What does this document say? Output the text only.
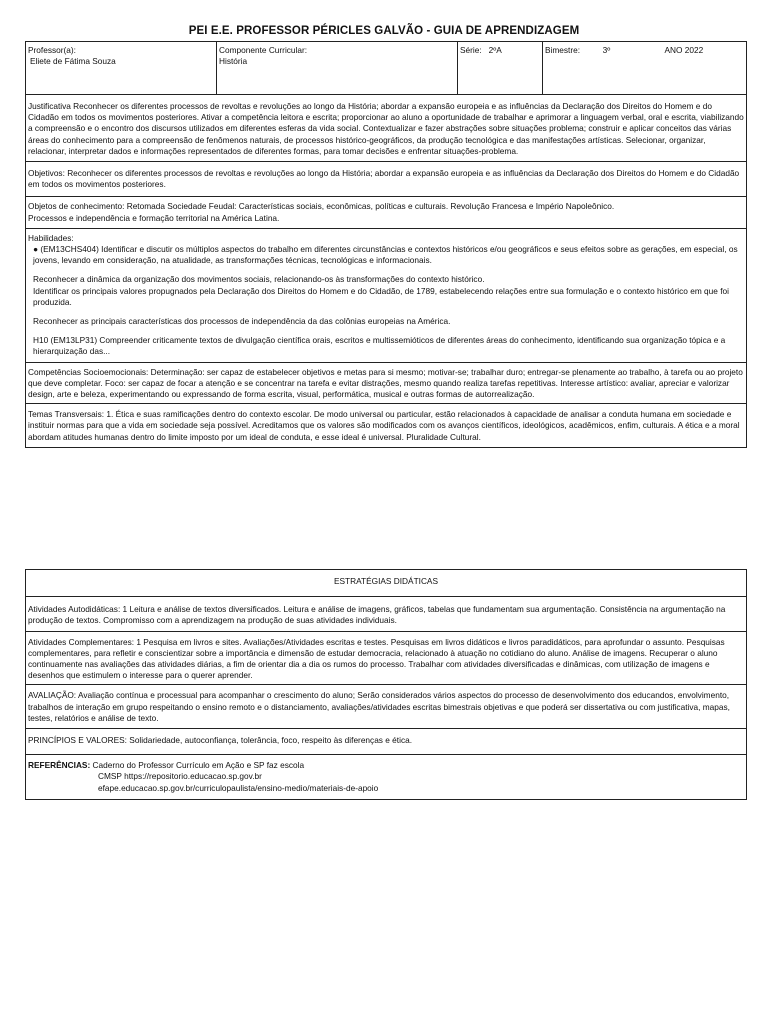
PEI E.E. PROFESSOR PÉRICLES GALVÃO - GUIA DE APRENDIZAGEM
Professor(a):
Eliete de Fátima Souza

Componente Curricular:
História
	Série: 2ºA	Bimestre:	3º	ANO 2022

Justificativa Reconhecer os diferentes processos de revoltas e revoluções ao longo da História; abordar a expansão europeia e as influências da Declaração dos Direitos do Homem e do Cidadão em todos os movimentos posteriores. Ativar a competência leitora e escrita; proporcionar ao aluno a oportunidade de trabalhar e aprimorar a linguagem verbal, oral e escrita, viabilizando a compreensão e o encontro dos discursos utilizados em diferentes esferas da vida social. Contextualizar e fazer abstrações sobre situações problema; construir e aplicar conceitos das várias áreas do conhecimento para a compreensão de fenômenos naturais, de processos histórico-geográficos, da produção tecnológica e das manifestações artísticas. Selecionar, organizar, relacionar, interpretar dados e informações representados de diferentes formas, para tomar decisões e enfrentar situações-problema.

Objetivos: Reconhecer os diferentes processos de revoltas e revoluções ao longo da História; abordar a expansão europeia e as influências da Declaração dos Direitos do Homem e do Cidadão em todos os movimentos posteriores.

Objetos de conhecimento: Retomada Sociedade Feudal: Características sociais, econômicas, políticas e culturais. Revolução Francesa e Império Napoleônico.
Processos e independência e formação territorial na América Latina.

Habilidades:
● (EM13CHS404) Identificar e discutir os múltiplos aspectos do trabalho em diferentes circunstâncias e contextos históricos e/ou geográficos e seus efeitos sobre as gerações, em especial, os jovens, levando em consideração, na atualidade, as transformações técnicas, tecnológicas e informacionais.
Reconhecer a dinâmica da organização dos movimentos sociais, relacionando-os às transformações do contexto histórico.
Identificar os principais valores propugnados pela Declaração dos Direitos do Homem e do Cidadão, de 1789, estabelecendo relações entre sua formulação e o contexto histórico em que foi produzida.
Reconhecer as principais características dos processos de independência da das colônias europeias na América.
H10 (EM13LP31) Compreender criticamente textos de divulgação científica orais, escritos e multissemióticos de diferentes áreas do conhecimento, identificando sua organização tópica e a hierarquização das...

Competências Socioemocionais: Determinação: ser capaz de estabelecer objetivos e metas para si mesmo; motivar-se; trabalhar duro; entregar-se plenamente ao trabalho, à tarefa ou ao projeto que deve completar. Foco: ser capaz de focar a atenção e se concentrar na tarefa e evitar distrações, mesmo quando realiza tarefas repetitivas. Interesse artístico: avaliar, apreciar e valorizar design, arte e beleza, experimentando ou expressando de forma escrita, visual, performática, musical e outras formas de autorrealização.

Temas Transversais: 1. Ética e suas ramificações dentro do contexto escolar. De modo universal ou particular, estão relacionados à capacidade de analisar a conduta humana em sociedade e instituir normas para que a vida em sociedade seja possível. Acreditamos que os valores são modificados com os avanços científicos, ideológicos, acadêmicos, enfim, culturais. A ética e a moral abordam atitudes humanas dentro do limite imposto por um ideal de conduta, e esse ideal é universal. Pluralidade Cultural.
ESTRATÉGIAS DIDÁTICAS

Atividades Autodidáticas: 1 Leitura e análise de textos diversificados. Leitura e análise de imagens, gráficos, tabelas que fundamentam sua argumentação. Consistência na argumentação na produção de textos. Compromisso com a aprendizagem na produção de suas atividades individuais.

Atividades Complementares: 1 Pesquisa em livros e sites. Avaliações/Atividades escritas e testes. Pesquisas em livros didáticos e livros paradidáticos, para aprofundar o assunto. Pesquisas complementares, para refletir e conscientizar sobre a importância e dimensão de estudar democracia, relacionado à atuação no cotidiano do aluno. Análise de imagens. Recuperar o aluno continuamente nas avaliações das atividades diárias, a fim de orientar dia a dia os rumos do processo. Trabalhar com atividades diversificadas e dinâmicas, com utilização de imagens e desenhos que estimulem o interesse para o querer aprender.

AVALIAÇÃO: Avaliação contínua e processual para acompanhar o crescimento do aluno; Serão considerados vários aspectos do processo de desenvolvimento dos educandos, envolvimento, trabalhos de interação em grupo respeitando o ensino remoto e o distanciamento, avaliações/atividades escritas bimestrais objetivas e que poderá ser dissertativa ou com justificativa, mapas, testes, relatórios e análise de texto.

PRINCÍPIOS E VALORES: Solidariedade, autoconfiança, tolerância, foco, respeito às diferenças e ética.

REFERÊNCIAS: Caderno do Professor Currículo em Ação e SP faz escola
CMSP https://repositorio.educacao.sp.gov.br
efape.educacao.sp.gov.br/curriculopaulista/ensino-medio/materiais-de-apoio
